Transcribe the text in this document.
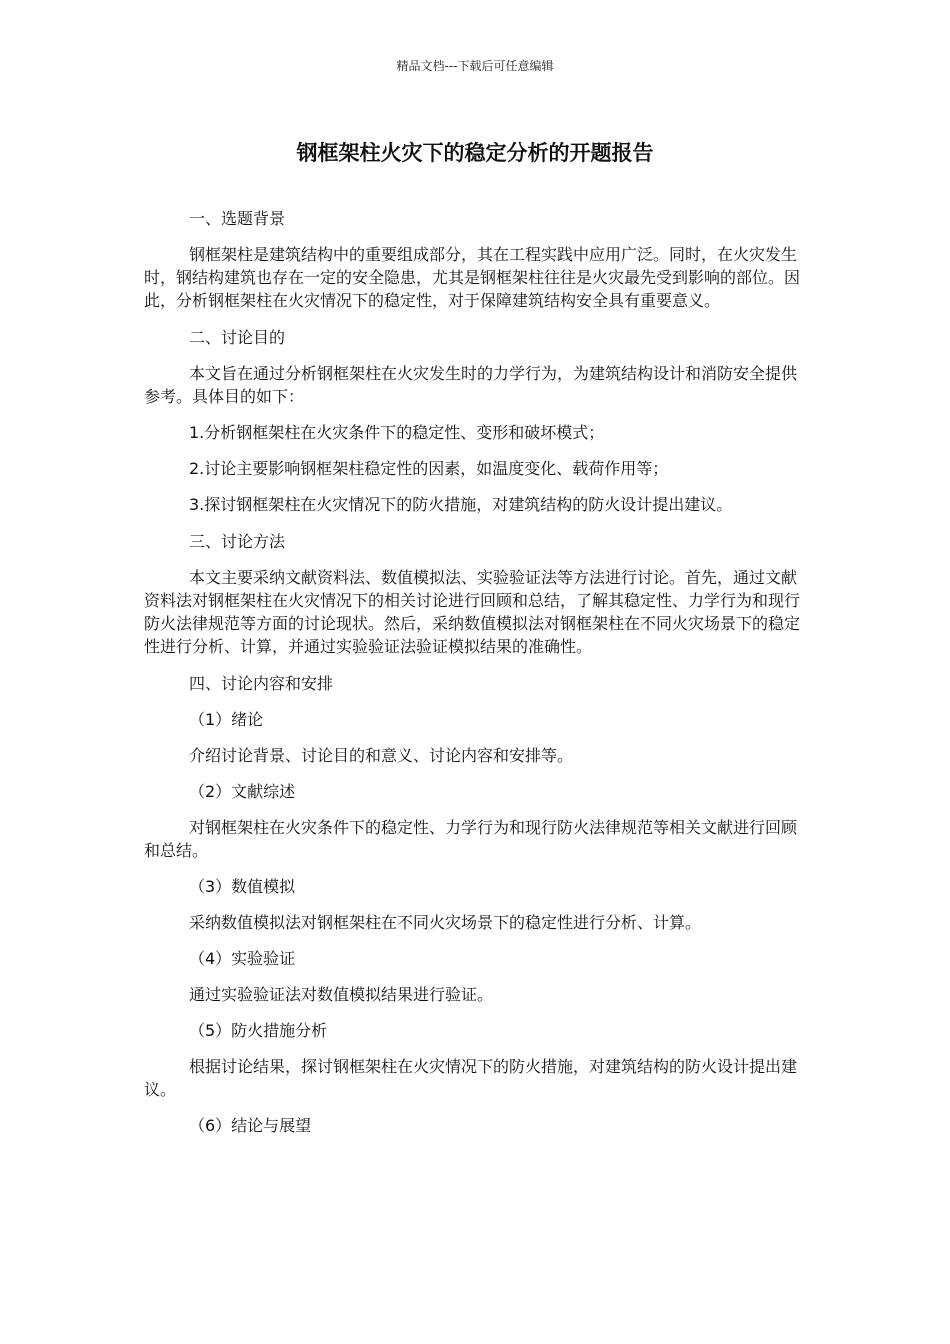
精品文档---下载后可任意编辑
钢框架柱火灾下的稳定分析的开题报告

一、选题背景

钢框架柱是建筑结构中的重要组成部分，其在工程实践中应用广泛。同时，在火灾发生时，钢结构建筑也存在一定的安全隐患，尤其是钢框架柱往往是火灾最先受到影响的部位。因此，分析钢框架柱在火灾情况下的稳定性，对于保障建筑结构安全具有重要意义。

二、讨论目的

本文旨在通过分析钢框架柱在火灾发生时的力学行为，为建筑结构设计和消防安全提供参考。具体目的如下：

1.分析钢框架柱在火灾条件下的稳定性、变形和破坏模式；

2.讨论主要影响钢框架柱稳定性的因素，如温度变化、载荷作用等；

3.探讨钢框架柱在火灾情况下的防火措施，对建筑结构的防火设计提出建议。

三、讨论方法

本文主要采纳文献资料法、数值模拟法、实验验证法等方法进行讨论。首先，通过文献资料法对钢框架柱在火灾情况下的相关讨论进行回顾和总结，了解其稳定性、力学行为和现行防火法律规范等方面的讨论现状。然后，采纳数值模拟法对钢框架柱在不同火灾场景下的稳定性进行分析、计算，并通过实验验证法验证模拟结果的准确性。

四、讨论内容和安排

（1）绪论

介绍讨论背景、讨论目的和意义、讨论内容和安排等。

（2）文献综述

对钢框架柱在火灾条件下的稳定性、力学行为和现行防火法律规范等相关文献进行回顾和总结。

（3）数值模拟

采纳数值模拟法对钢框架柱在不同火灾场景下的稳定性进行分析、计算。

（4）实验验证

通过实验验证法对数值模拟结果进行验证。

（5）防火措施分析

根据讨论结果，探讨钢框架柱在火灾情况下的防火措施，对建筑结构的防火设计提出建议。

（6）结论与展望
